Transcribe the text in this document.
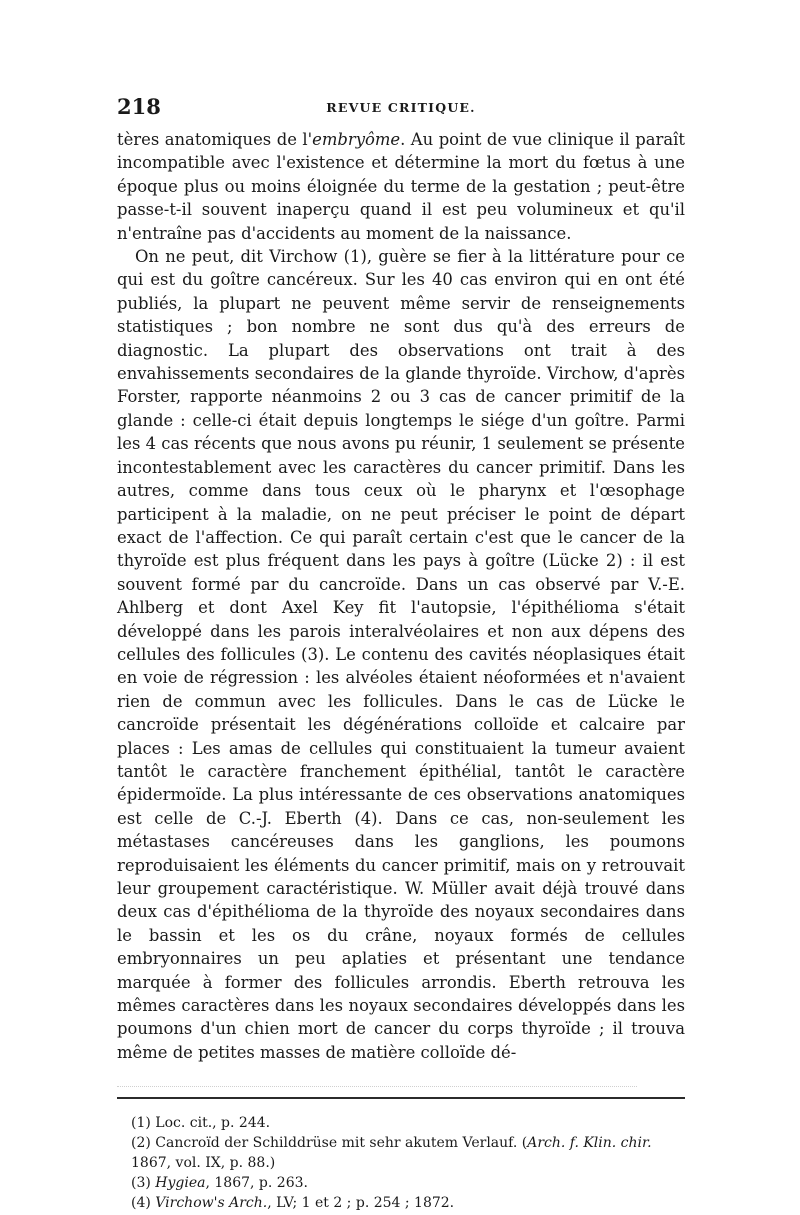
218	REVUE CRITIQUE.

tères anatomiques de l'embryôme. Au point de vue clinique il paraît incompatible avec l'existence et détermine la mort du fœtus à une époque plus ou moins éloignée du terme de la gestation ; peut-être passe-t-il souvent inaperçu quand il est peu volumineux et qu'il n'entraîne pas d'accidents au moment de la naissance.

On ne peut, dit Virchow (1), guère se fier à la littérature pour ce qui est du goître cancéreux. Sur les 40 cas environ qui en ont été publiés, la plupart ne peuvent même servir de renseignements statistiques ; bon nombre ne sont dus qu'à des erreurs de diagnostic. La plupart des observations ont trait à des envahissements secondaires de la glande thyroïde. Virchow, d'après Forster, rapporte néanmoins 2 ou 3 cas de cancer primitif de la glande : celle-ci était depuis longtemps le siége d'un goître. Parmi les 4 cas récents que nous avons pu réunir, 1 seulement se présente incontestablement avec les caractères du cancer primitif. Dans les autres, comme dans tous ceux où le pharynx et l'œsophage participent à la maladie, on ne peut préciser le point de départ exact de l'affection. Ce qui paraît certain c'est que le cancer de la thyroïde est plus fréquent dans les pays à goître (Lücke 2) : il est souvent formé par du cancroïde. Dans un cas observé par V.-E. Ahlberg et dont Axel Key fit l'autopsie, l'épithélioma s'était développé dans les parois interalvéolaires et non aux dépens des cellules des follicules (3). Le contenu des cavités néoplasiques était en voie de régression : les alvéoles étaient néoformées et n'avaient rien de commun avec les follicules. Dans le cas de Lücke le cancroïde présentait les dégénérations colloïde et calcaire par places : Les amas de cellules qui constituaient la tumeur avaient tantôt le caractère franchement épithélial, tantôt le caractère épidermoïde. La plus intéressante de ces observations anatomiques est celle de C.-J. Eberth (4). Dans ce cas, non-seulement les métastases cancéreuses dans les ganglions, les poumons reproduisaient les éléments du cancer primitif, mais on y retrouvait leur groupement caractéristique. W. Müller avait déjà trouvé dans deux cas d'épithélioma de la thyroïde des noyaux secondaires dans le bassin et les os du crâne, noyaux formés de cellules embryonnaires un peu aplaties et présentant une tendance marquée à former des follicules arrondis. Eberth retrouva les mêmes caractères dans les noyaux secondaires développés dans les poumons d'un chien mort de cancer du corps thyroïde ; il trouva même de petites masses de matière colloïde dé-

(1) Loc. cit., p. 244.
(2) Cancroïd der Schilddrüse mit sehr akutem Verlauf. (Arch. f. Klin. chir. 1867, vol. IX, p. 88.)
(3) Hygiea, 1867, p. 263.
(4) Virchow's Arch., LV; 1 et 2 ; p. 254 ; 1872.
